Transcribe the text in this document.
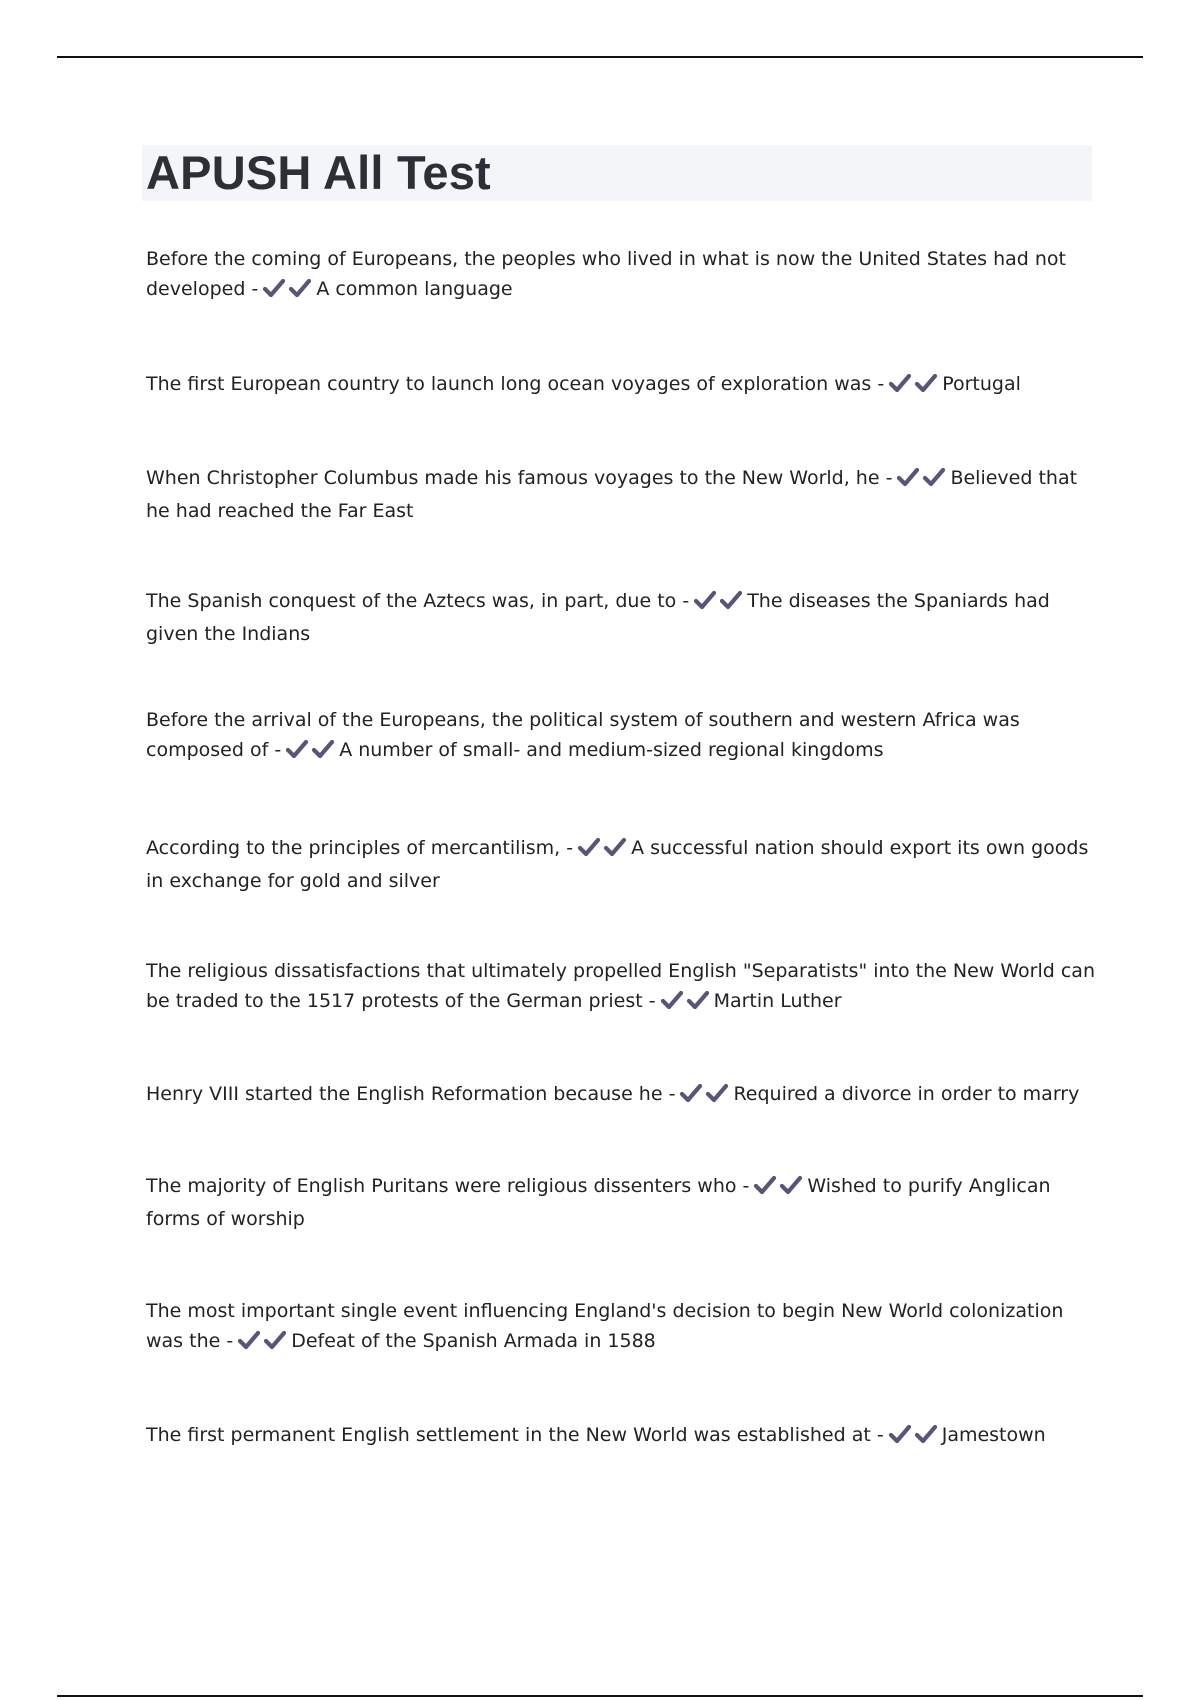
APUSH All Test
Before the coming of Europeans, the peoples who lived in what is now the United States had not developed -	A common language
The first European country to launch long ocean voyages of exploration was -	Portugal
When Christopher Columbus made his famous voyages to the New World, he -	Believed that he had reached the Far East
The Spanish conquest of the Aztecs was, in part, due to -	The diseases the Spaniards had given the Indians
Before the arrival of the Europeans, the political system of southern and western Africa was composed of -	A number of small- and medium-sized regional kingdoms
According to the principles of mercantilism, -	A successful nation should export its own goods in exchange for gold and silver
The religious dissatisfactions that ultimately propelled English "Separatists" into the New World can be traded to the 1517 protests of the German priest -	Martin Luther
Henry VIII started the English Reformation because he -	Required a divorce in order to marry
The majority of English Puritans were religious dissenters who -	Wished to purify Anglican forms of worship
The most important single event influencing England's decision to begin New World colonization was the -	Defeat of the Spanish Armada in 1588
The first permanent English settlement in the New World was established at -	Jamestown
